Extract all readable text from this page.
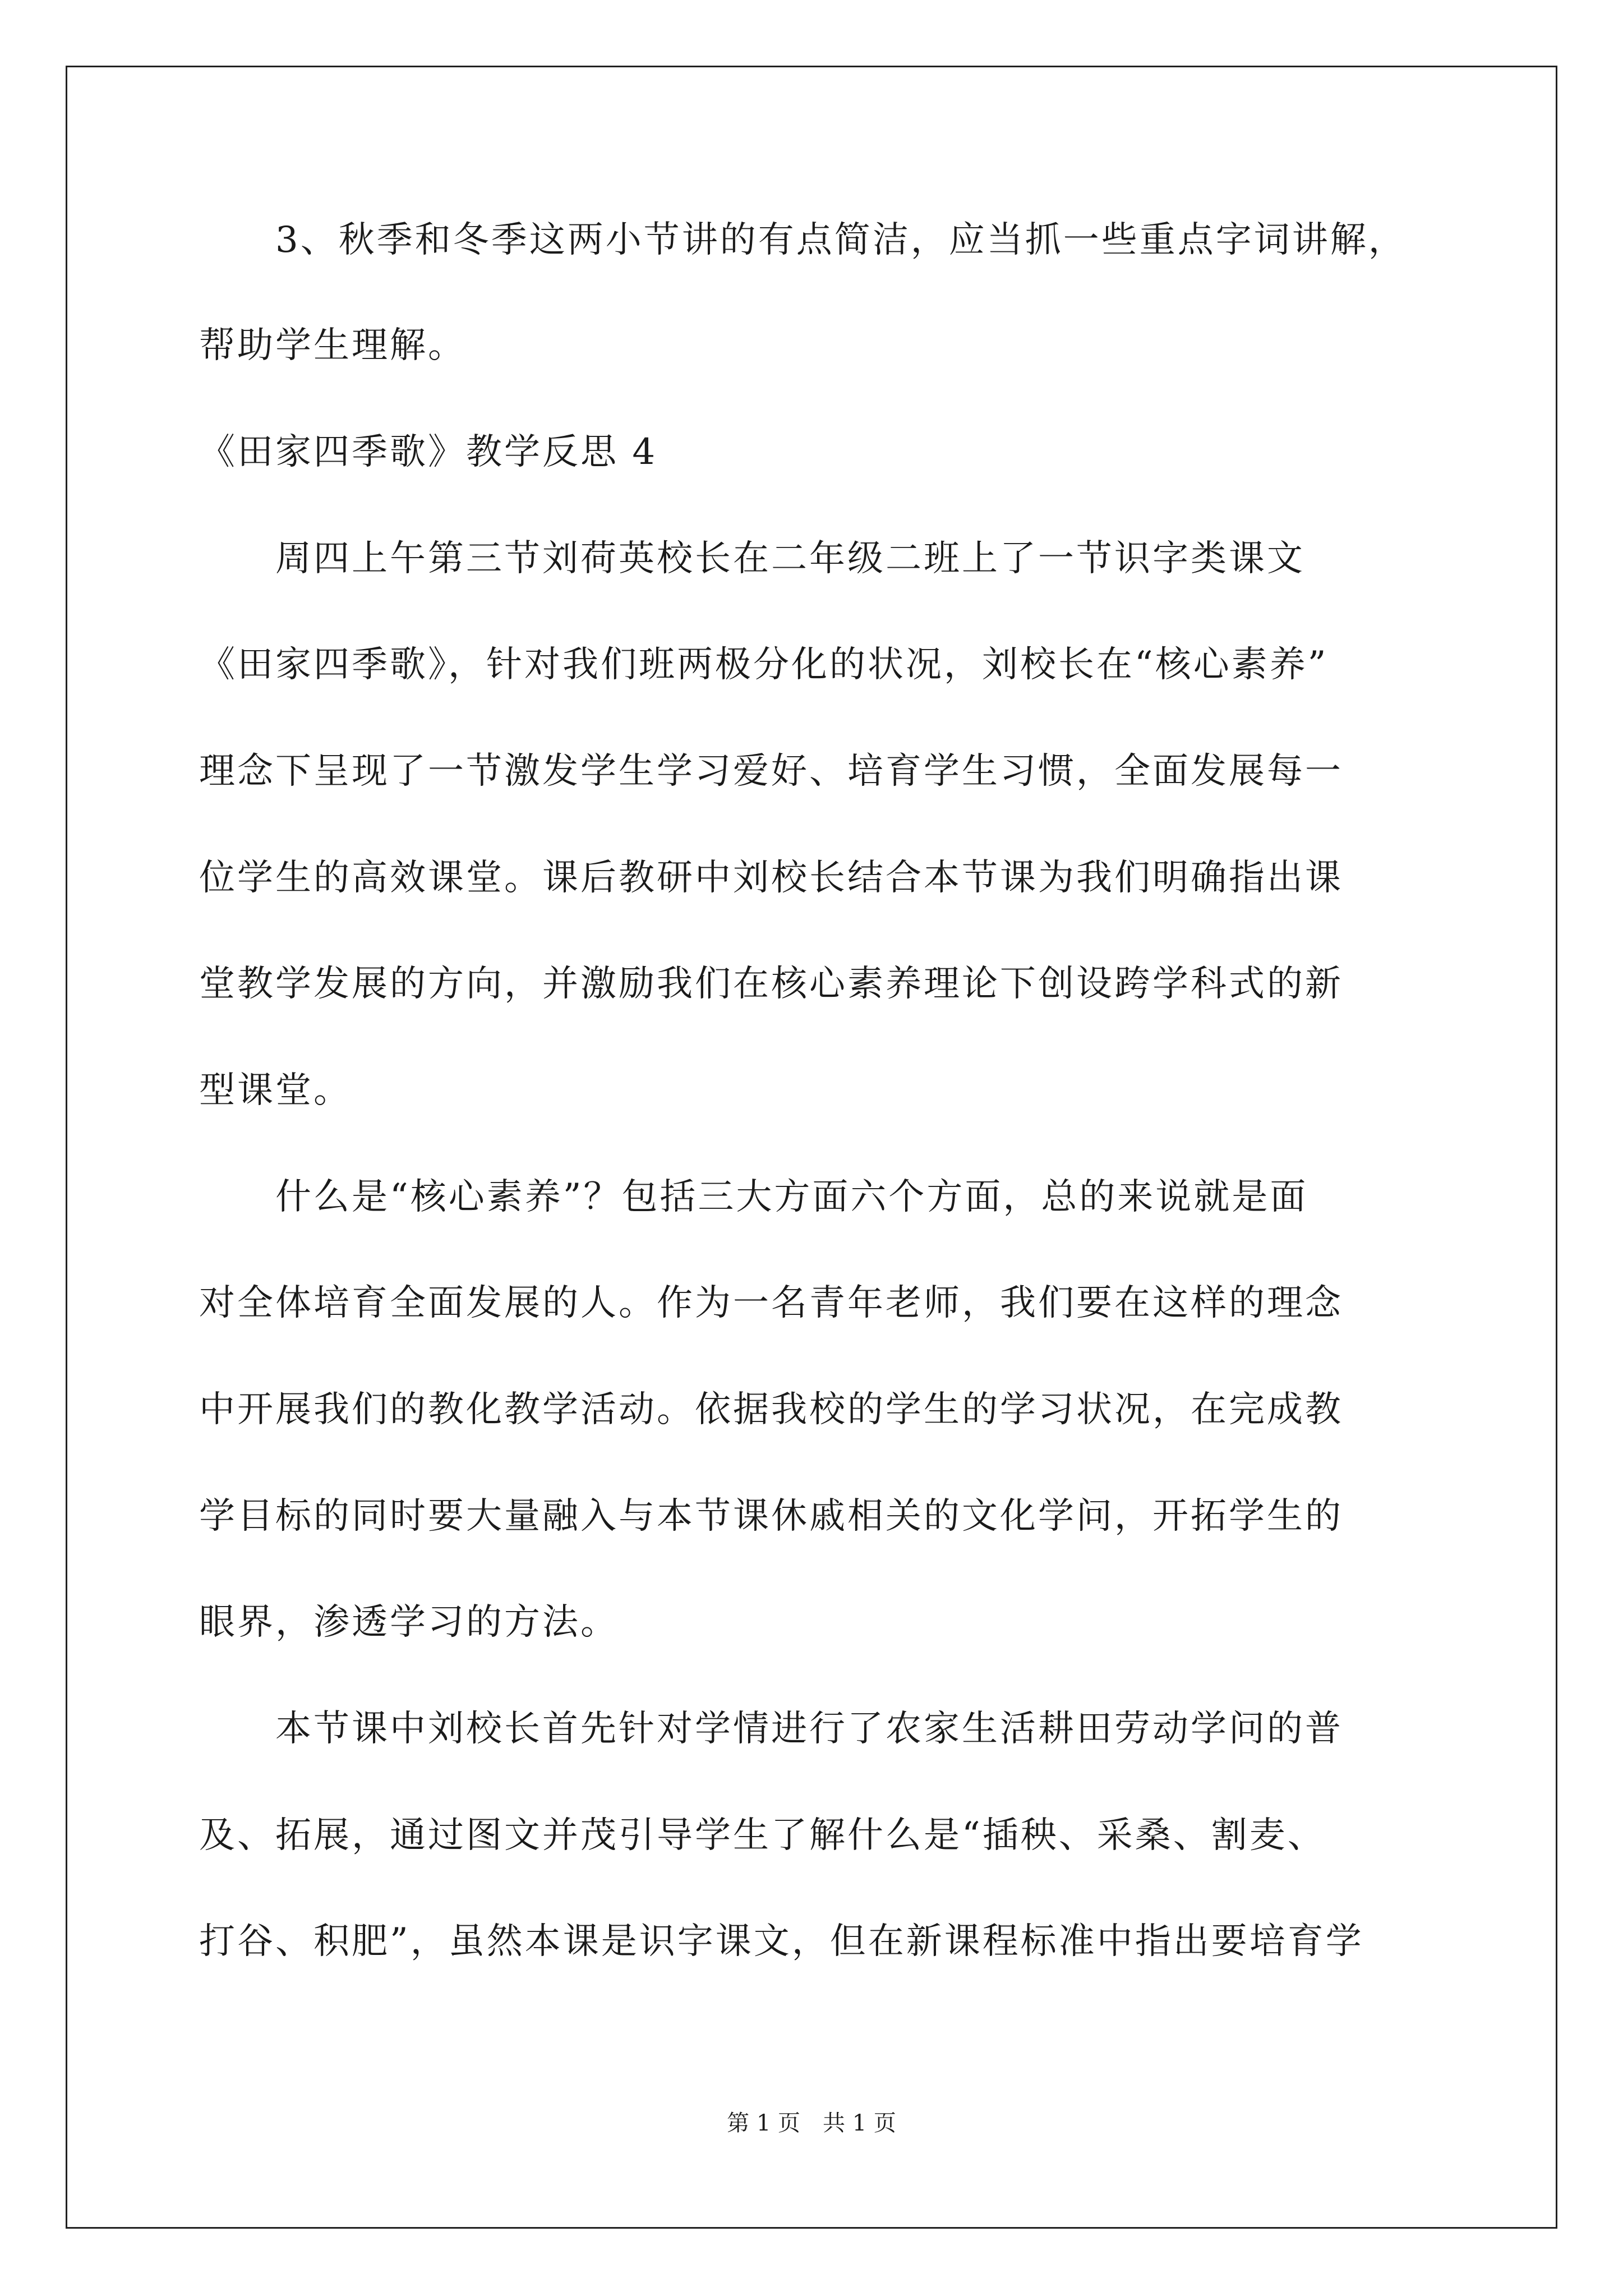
　　3、秋季和冬季这两小节讲的有点简洁，应当抓一些重点字词讲解，
帮助学生理解。
《田家四季歌》教学反思 4
　　周四上午第三节刘荷英校长在二年级二班上了一节识字类课文
《田家四季歌》，针对我们班两极分化的状况，刘校长在“核心素养”
理念下呈现了一节激发学生学习爱好、培育学生习惯，全面发展每一
位学生的高效课堂。课后教研中刘校长结合本节课为我们明确指出课
堂教学发展的方向，并激励我们在核心素养理论下创设跨学科式的新
型课堂。
　　什么是“核心素养”？包括三大方面六个方面，总的来说就是面
对全体培育全面发展的人。作为一名青年老师，我们要在这样的理念
中开展我们的教化教学活动。依据我校的学生的学习状况，在完成教
学目标的同时要大量融入与本节课休戚相关的文化学问，开拓学生的
眼界，渗透学习的方法。
　　本节课中刘校长首先针对学情进行了农家生活耕田劳动学问的普
及、拓展，通过图文并茂引导学生了解什么是“插秧、采桑、割麦、
打谷、积肥”，虽然本课是识字课文，但在新课程标准中指出要培育学
第 1 页　共 1 页
